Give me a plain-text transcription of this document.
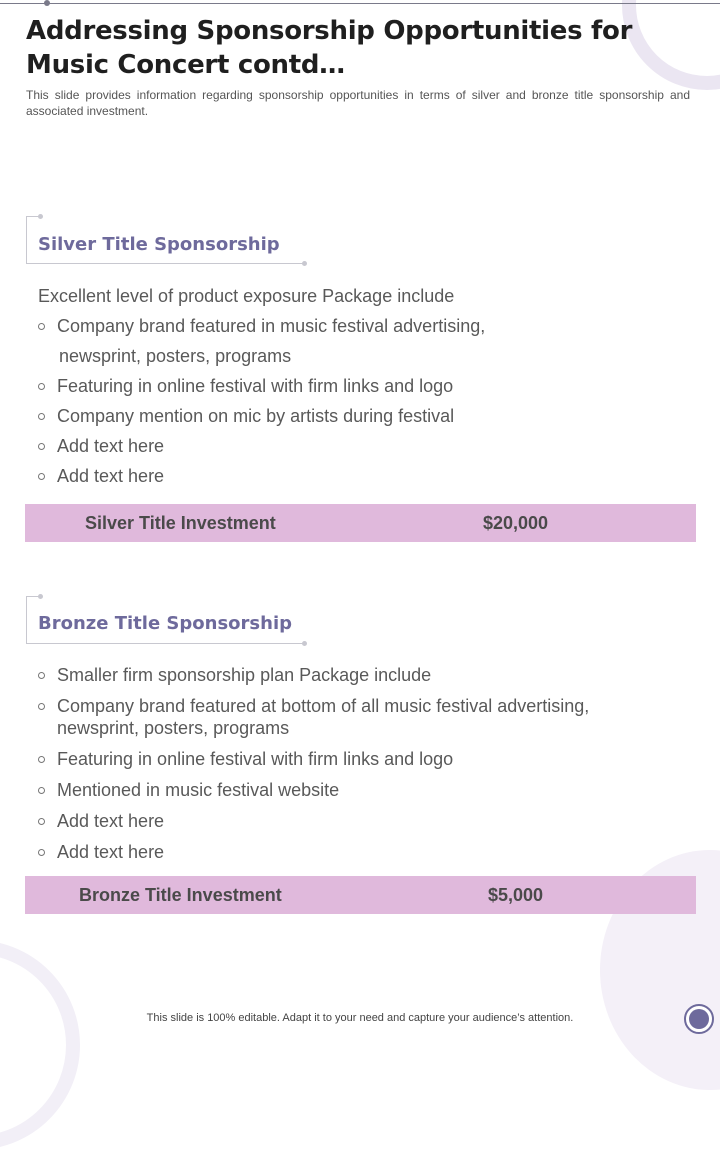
Addressing Sponsorship Opportunities for Music Concert contd…

This slide provides information regarding sponsorship opportunities in terms of silver and bronze title sponsorship and associated investment.

Silver Title Sponsorship
Excellent level of product exposure Package include
Company brand featured in music festival advertising,
newsprint, posters, programs
Featuring in online festival with firm links and logo
Company mention on mic by artists during festival
Add text here
Add text here
Silver Title Investment	$20,000
Bronze Title Sponsorship
Smaller firm sponsorship plan Package include
Company brand featured at bottom of all music festival advertising, newsprint, posters, programs
Featuring in online festival with firm links and logo
Mentioned in music festival website
Add text here
Add text here
Bronze Title Investment	$5,000
This slide is 100% editable. Adapt it to your need and capture your audience’s attention.
